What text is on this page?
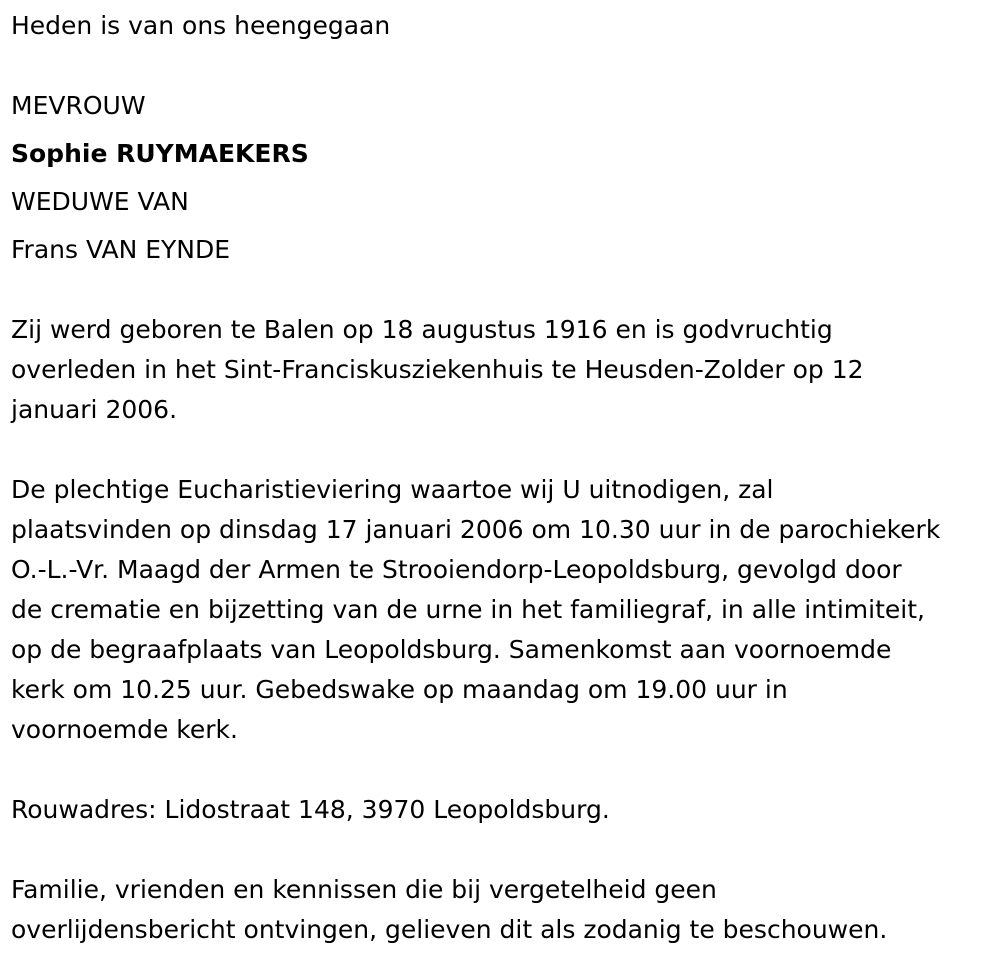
Heden is van ons heengegaan
MEVROUW
Sophie RUYMAEKERS
WEDUWE VAN
Frans VAN EYNDE
Zij werd geboren te Balen op 18 augustus 1916 en is godvruchtig
overleden in het Sint-Franciskusziekenhuis te Heusden-Zolder op 12
januari 2006.
De plechtige Eucharistieviering waartoe wij U uitnodigen, zal
plaatsvinden op dinsdag 17 januari 2006 om 10.30 uur in de parochiekerk
O.-L.-Vr. Maagd der Armen te Strooiendorp-Leopoldsburg, gevolgd door
de crematie en bijzetting van de urne in het familiegraf, in alle intimiteit,
op de begraafplaats van Leopoldsburg. Samenkomst aan voornoemde
kerk om 10.25 uur. Gebedswake op maandag om 19.00 uur in
voornoemde kerk.
Rouwadres: Lidostraat 148, 3970 Leopoldsburg.
Familie, vrienden en kennissen die bij vergetelheid geen
overlijdensbericht ontvingen, gelieven dit als zodanig te beschouwen.
